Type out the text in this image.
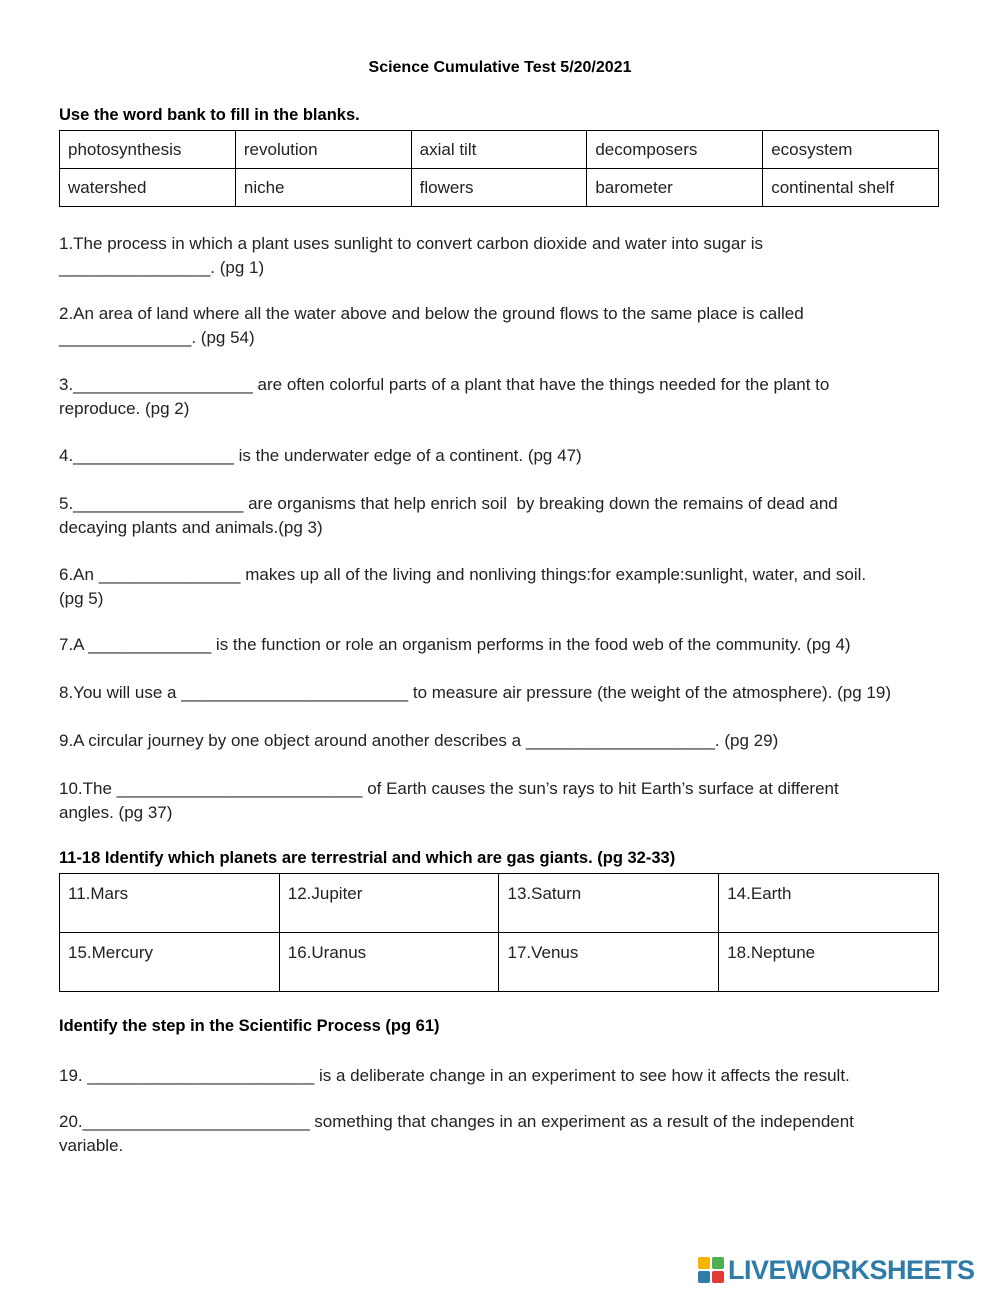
Science Cumulative Test 5/20/2021
Use the word bank to fill in the blanks.
photosynthesis	revolution	axial tilt	decomposers	ecosystem
watershed	niche	flowers	barometer	continental shelf
1.The process in which a plant uses sunlight to convert carbon dioxide and water into sugar is
________________. (pg 1)
2.An area of land where all the water above and below the ground flows to the same place is called
______________. (pg 54)
3.___________________ are often colorful parts of a plant that have the things needed for the plant to
reproduce. (pg 2)
4._________________ is the underwater edge of a continent. (pg 47)
5.__________________ are organisms that help enrich soil  by breaking down the remains of dead and
decaying plants and animals.(pg 3)
6.An _______________ makes up all of the living and nonliving things:for example:sunlight, water, and soil.
(pg 5)
7.A _____________ is the function or role an organism performs in the food web of the community. (pg 4)
8.You will use a ________________________ to measure air pressure (the weight of the atmosphere). (pg 19)
9.A circular journey by one object around another describes a ____________________. (pg 29)
10.The __________________________ of Earth causes the sun’s rays to hit Earth’s surface at different
angles. (pg 37)
11-18 Identify which planets are terrestrial and which are gas giants. (pg 32-33)
11.Mars	12.Jupiter	13.Saturn	14.Earth
15.Mercury	16.Uranus	17.Venus	18.Neptune
Identify the step in the Scientific Process (pg 61)
19. ________________________ is a deliberate change in an experiment to see how it affects the result.
20.________________________ something that changes in an experiment as a result of the independent
variable.
LIVEWORKSHEETS
